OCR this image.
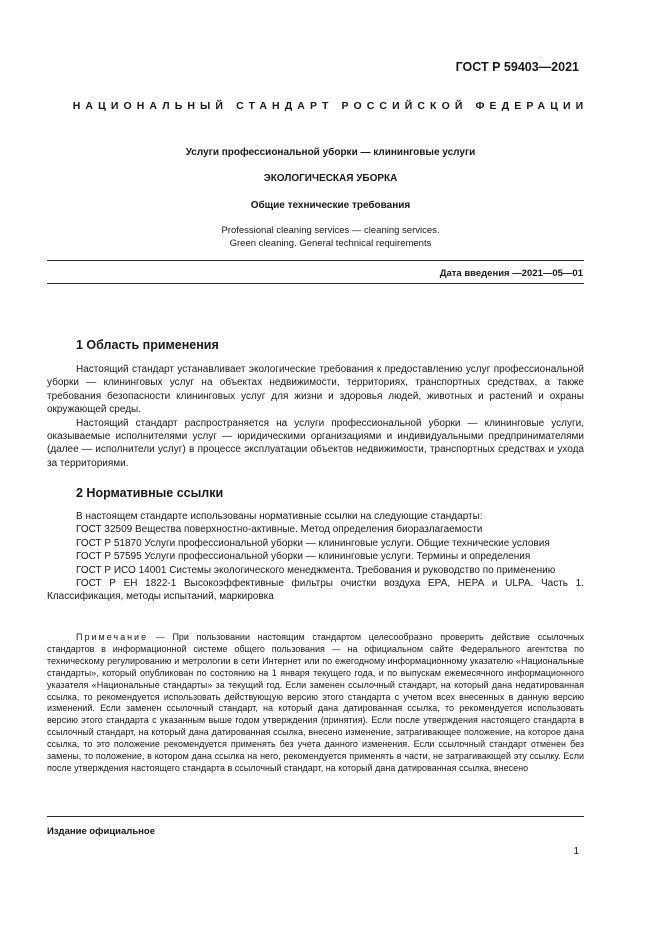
ГОСТ Р 59403—2021
НАЦИОНАЛЬНЫЙ СТАНДАРТ РОССИЙСКОЙ ФЕДЕРАЦИИ
Услуги профессиональной уборки — клининговые услуги
ЭКОЛОГИЧЕСКАЯ УБОРКА
Общие технические требования
Professional cleaning services — cleaning services.
Green cleaning. General technical requirements
Дата введения —2021—05—01
1 Область применения
Настоящий стандарт устанавливает экологические требования к предоставлению услуг профессиональной уборки — клининговых услуг на объектах недвижимости, территориях, транспортных средствах, а также требования безопасности клининговых услуг для жизни и здоровья людей, животных и растений и охраны окружающей среды.
Настоящий стандарт распространяется на услуги профессиональной уборки — клининговые услуги, оказываемые исполнителями услуг — юридическими организациями и индивидуальными предпринимателями (далее — исполнители услуг) в процессе эксплуатации объектов недвижимости, транспортных средствах и ухода за территориями.
2 Нормативные ссылки
В настоящем стандарте использованы нормативные ссылки на следующие стандарты:
ГОСТ 32509 Вещества поверхностно-активные. Метод определения биоразлагаемости
ГОСТ Р 51870 Услуги профессиональной уборки — клининговые услуги. Общие технические условия
ГОСТ Р 57595 Услуги профессиональной уборки — клининговые услуги. Термины и определения
ГОСТ Р ИСО 14001 Системы экологического менеджмента. Требования и руководство по применению
ГОСТ Р ЕН 1822-1 Высокоэффективные фильтры очистки воздуха ЕРА, НЕРА и ULPA. Часть 1. Классификация, методы испытаний, маркировка
Примечание — При пользовании настоящим стандартом целесообразно проверить действие ссылочных стандартов в информационной системе общего пользования — на официальном сайте Федерального агентства по техническому регулированию и метрологии в сети Интернет или по ежегодному информационному указателю «Национальные стандарты», который опубликован по состоянию на 1 января текущего года, и по выпускам ежемесячного информационного указателя «Национальные стандарты» за текущий год. Если заменен ссылочный стандарт, на который дана недатированная ссылка, то рекомендуется использовать действующую версию этого стандарта с учетом всех внесенных в данную версию изменений. Если заменен ссылочный стандарт, на который дана датированная ссылка, то рекомендуется использовать версию этого стандарта с указанным выше годом утверждения (принятия). Если после утверждения настоящего стандарта в ссылочный стандарт, на который дана датированная ссылка, внесено изменение, затрагивающее положение, на которое дана ссылка, то это положение рекомендуется применять без учета данного изменения. Если ссылочный стандарт отменен без замены, то положение, в котором дана ссылка на него, рекомендуется применять в части, не затрагивающей эту ссылку. Если после утверждения настоящего стандарта в ссылочный стандарт, на который дана датированная ссылка, внесено
Издание официальное
1
